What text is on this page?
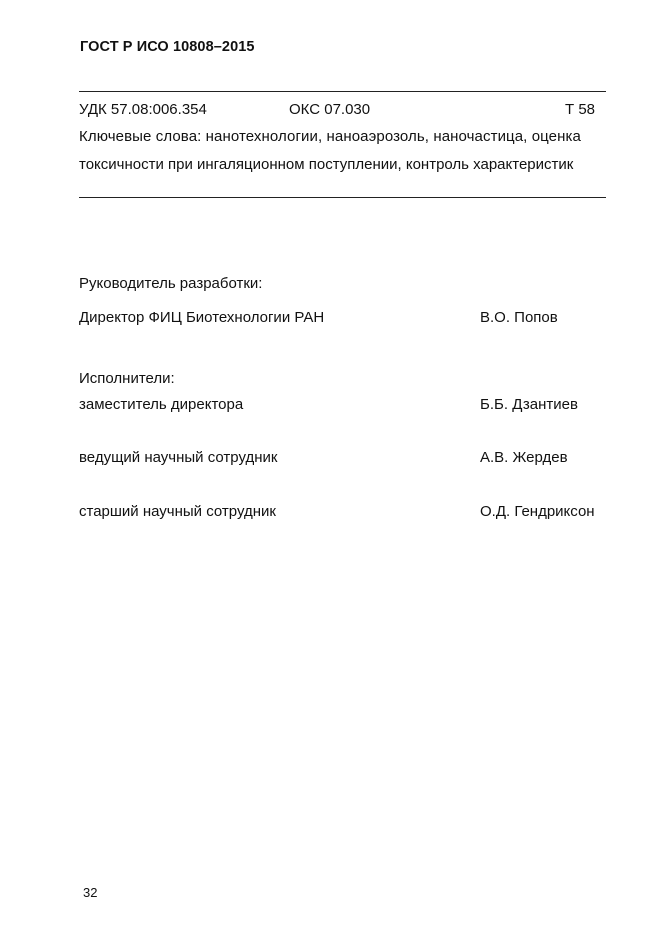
ГОСТ Р ИСО 10808–2015
УДК 57.08:006.354	ОКС 07.030	Т 58
Ключевые слова: нанотехнологии, наноаэрозоль, наночастица, оценка
токсичности при ингаляционном поступлении, контроль характеристик
Руководитель разработки:
Директор ФИЦ Биотехнологии РАН	В.О. Попов
Исполнители:
заместитель директора	Б.Б. Дзантиев
ведущий научный сотрудник	А.В. Жердев
старший научный сотрудник	О.Д. Гендриксон
32
